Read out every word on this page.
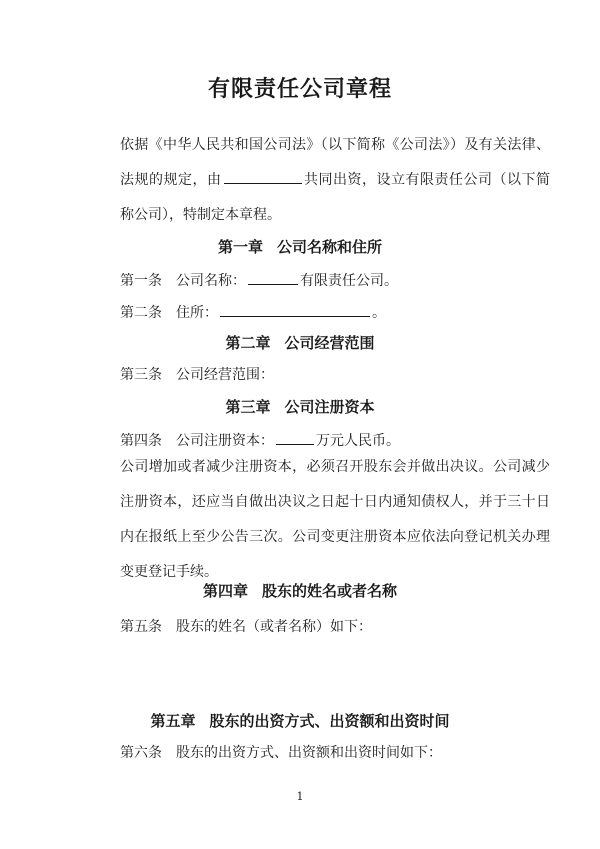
有限责任公司章程
依据《中华人民共和国公司法》（以下简称《公司法》）及有关法律、法规的规定，由	共同出资，设立有限责任公司（以下简称公司），特制定本章程。
第一章 公司名称和住所
第一条 公司名称：	有限责任公司。
第二条 住所：	。
第二章 公司经营范围
第三条 公司经营范围：
第三章 公司注册资本
第四条 公司注册资本：	万元人民币。
公司增加或者减少注册资本，必须召开股东会并做出决议。公司减少注册资本，还应当自做出决议之日起十日内通知债权人，并于三十日内在报纸上至少公告三次。公司变更注册资本应依法向登记机关办理变更登记手续。
第四章 股东的姓名或者名称
第五条 股东的姓名（或者名称）如下：
第五章 股东的出资方式、出资额和出资时间
第六条 股东的出资方式、出资额和出资时间如下：
1
